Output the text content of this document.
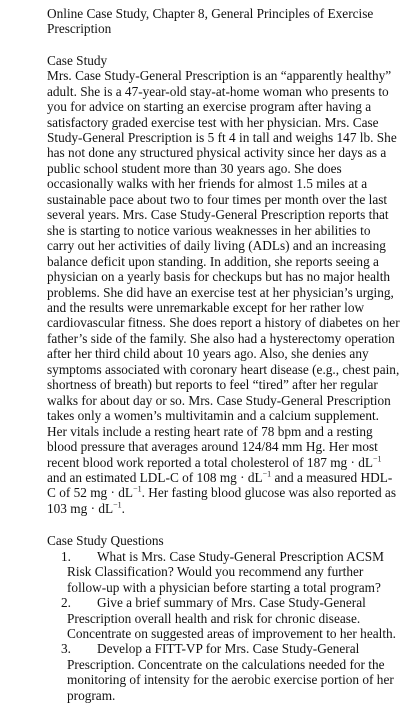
Online Case Study, Chapter 8, General Principles of Exercise Prescription
Case Study

Mrs. Case Study-General Prescription is an “apparently healthy” adult. She is a 47-year-old stay-at-home woman who presents to you for advice on starting an exercise program after having a satisfactory graded exercise test with her physician. Mrs. Case Study-General Prescription is 5 ft 4 in tall and weighs 147 lb. She has not done any structured physical activity since her days as a public school student more than 30 years ago. She does occasionally walks with her friends for almost 1.5 miles at a sustainable pace about two to four times per month over the last several years. Mrs. Case Study-General Prescription reports that she is starting to notice various weaknesses in her abilities to carry out her activities of daily living (ADLs) and an increasing balance deficit upon standing. In addition, she reports seeing a physician on a yearly basis for checkups but has no major health problems. She did have an exercise test at her physician’s urging, and the results were unremarkable except for her rather low cardiovascular fitness. She does report a history of diabetes on her father’s side of the family. She also had a hysterectomy operation after her third child about 10 years ago. Also, she denies any symptoms associated with coronary heart disease (e.g., chest pain, shortness of breath) but reports to feel “tired” after her regular walks for about day or so. Mrs. Case Study-General Prescription takes only a women’s multivitamin and a calcium supplement. Her vitals include a resting heart rate of 78 bpm and a resting blood pressure that averages around 124/84 mm Hg. Her most recent blood work reported a total cholesterol of 187 mg · $dL^{-1}$ and an estimated LDL-C of 108 mg · $dL^{-1}$ and a measured HDL-C of 52 mg · $dL^{-1}$. Her fasting blood glucose was also reported as 103 mg · $dL^{-1}$.

Case Study Questions
1.	What is Mrs. Case Study-General Prescription ACSM Risk Classification? Would you recommend any further follow-up with a physician before starting a total program?
2.	Give a brief summary of Mrs. Case Study-General Prescription overall health and risk for chronic disease. Concentrate on suggested areas of improvement to her health.
3.	Develop a FITT-VP for Mrs. Case Study-General Prescription. Concentrate on the calculations needed for the monitoring of intensity for the aerobic exercise portion of her program.
